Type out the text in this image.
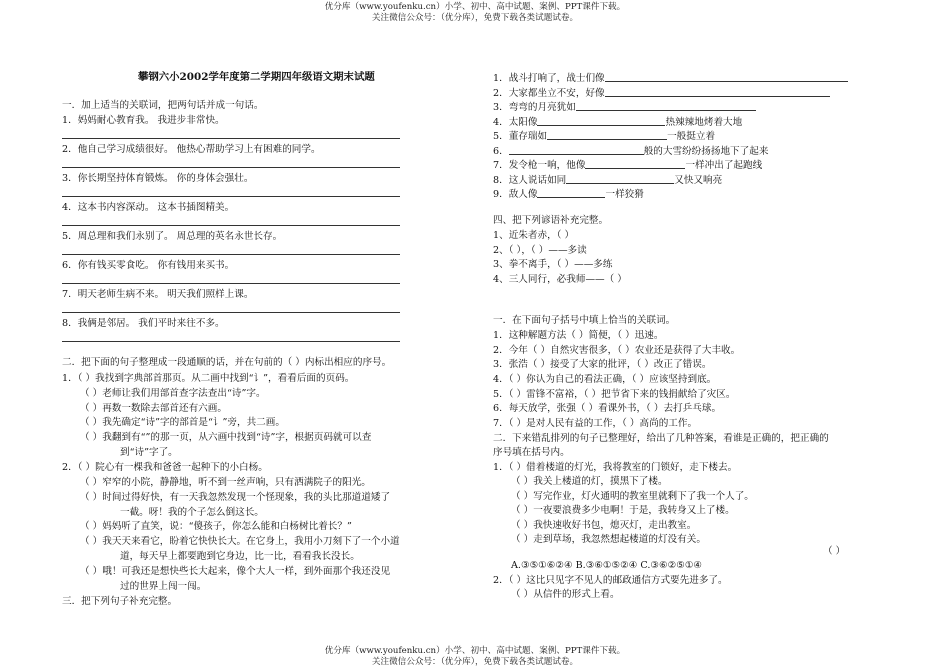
优分库（www.youfenku.cn）小学、初中、高中试题、案例、PPT课件下载。
关注微信公众号：（优分库），免费下载各类试题试卷。
攀钢六小2002学年度第二学期四年级语文期末试题
一．加上适当的关联词，把两句话并成一句话。
1．妈妈耐心教育我。 我进步非常快。
2．他自己学习成绩很好。 他热心帮助学习上有困难的同学。
3．你长期坚持体育锻炼。 你的身体会强壮。
4．这本书内容深动。 这本书插图精美。
5．周总理和我们永别了。 周总理的英名永世长存。
6．你有钱买零食吃。 你有钱用来买书。
7．明天老师生病不来。 明天我们照样上课。
8．我俩是邻居。 我们平时来往不多。
二．把下面的句子整理成一段通顺的话，并在句前的（ ）内标出相应的序号。
1．（ ）我找到字典部首那页。从二画中找到“讠”，看看后面的页码。
（ ）老师让我们用部首查字法查出“诗”字。
（ ）再数一数除去部首还有六画。
（ ）我先确定“诗”字的部首是“讠”旁，共二画。
（ ）我翻到有“”的那一页，从六画中找到“诗”字，根据页码就可以查
到“诗”字了。
2．（ ）院心有一棵我和爸爸一起种下的小白杨。
（ ）窄窄的小院，静静地，听不到一丝声响，只有洒满院子的阳光。
（ ）时间过得好快，有一天我忽然发现一个怪现象，我的头比那道道矮了
一截。呀！我的个子怎么倒这长。
（ ）妈妈听了直笑，说：“傻孩子，你怎么能和白杨树比着长？”
（ ）我天天来看它，盼着它快快长大。在它身上，我用小刀刻下了一个小道
道，每天早上都要跑到它身边，比一比，看看我长没长。
（ ）哦！可我还是想快些长大起来，像个大人一样，到外面那个我还没见
过的世界上闯一闯。
三．把下列句子补充完整。
1．战斗打响了，战士们像
2．大家都坐立不安，好像
3．弯弯的月亮犹如
4．太阳像	热辣辣地烤着大地
5．董存瑞如	一般挺立着
6．	般的大雪纷纷扬扬地下了起来
7．发令枪一响，他像	一样冲出了起跑线
8．这人说话如同	又快又响亮
9．敌人像	一样狡猾
四、把下列谚语补充完整。
1、近朱者赤，（ ）
2、（ ），（ ）——多读
3、拳不离手，（ ）——多练
4、三人同行，必我师——（ ）
一．在下面句子括号中填上恰当的关联词。
1．这种解题方法（ ）简便，（ ）迅速。
2．今年（ ）自然灾害很多，（ ）农业还是获得了大丰收。
3．张浩（ ）接受了大家的批评，（ ）改正了错误。
4．（ ）你认为自己的看法正确，（ ）应该坚持到底。
5．（ ）雷锋不富裕，（ ）把节省下来的钱捐献给了灾区。
6．每天放学，张强（ ）看课外书，（ ）去打乒乓球。
7．（ ）是对人民有益的工作，（ ）高尚的工作。
二．下来错乱排列的句子已整理好，给出了几种答案，看谁是正确的，把正确的
序号填在括号内。
1．（ ）借着楼道的灯光，我将教室的门锁好，走下楼去。
（ ）我关上楼道的灯，摸黑下了楼。
（ ）写完作业，灯火通明的教室里就剩下了我一个人了。
（ ）一夜要浪费多少电啊！于是，我转身又上了楼。
（ ）我快速收好书包，熄灭灯，走出教室。
（ ）走到草场，我忽然想起楼道的灯没有关。
（ ）
A.③⑤①⑥②④ B.③⑥①⑤②④ C.③⑥②⑤①④
2．（ ）这比只见字不见人的邮政通信方式要先进多了。
（ ）从信件的形式上看。
优分库（www.youfenku.cn）小学、初中、高中试题、案例、PPT课件下载。
关注微信公众号：（优分库），免费下载各类试题试卷。
